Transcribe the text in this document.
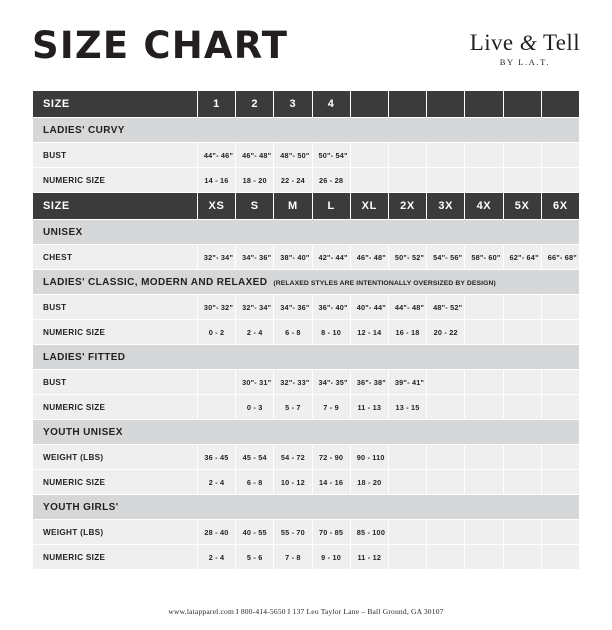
SIZE CHART	Live & Tell
BY L.A.T.
SIZE	1	2	3	4						
LADIES' CURVY										
BUST	44"- 46"	46"- 48"	48"- 50"	50"- 54"						
NUMERIC SIZE	14 - 16	18 - 20	22 - 24	26 - 28						
SIZE	XS	S	M	L	XL	2X	3X	4X	5X	6X
UNISEX										
CHEST	32"- 34"	34"- 36"	38"- 40"	42"- 44"	46"- 48"	50"- 52"	54"- 56"	58"- 60"	62"- 64"	66"- 68"
LADIES' CLASSIC, MODERN AND RELAXED (RELAXED STYLES ARE INTENTIONALLY OVERSIZED BY DESIGN)										
BUST	30"- 32"	32"- 34"	34"- 36"	36"- 40"	40"- 44"	44"- 48"	48"- 52"			
NUMERIC SIZE	0 - 2	2 - 4	6 - 8	8 - 10	12 - 14	16 - 18	20 - 22			
LADIES' FITTED										
BUST		30"- 31"	32"- 33"	34"- 35"	36"- 38"	39"- 41"				
NUMERIC SIZE		0 - 3	5 - 7	7 - 9	11 - 13	13 - 15				
YOUTH UNISEX										
WEIGHT (LBS)	36 - 45	45 - 54	54 - 72	72 - 90	90 - 110					
NUMERIC SIZE	2 - 4	6 - 8	10 - 12	14 - 16	18 - 20					
YOUTH GIRLS'										
WEIGHT (LBS)	28 - 40	40 - 55	55 - 70	70 - 85	85 - 100					
NUMERIC SIZE	2 - 4	5 - 6	7 - 8	9 - 10	11 - 12					
www.latapparel.com I 800-414-5650 I 137 Leo Taylor Lane – Ball Ground, GA 30107
